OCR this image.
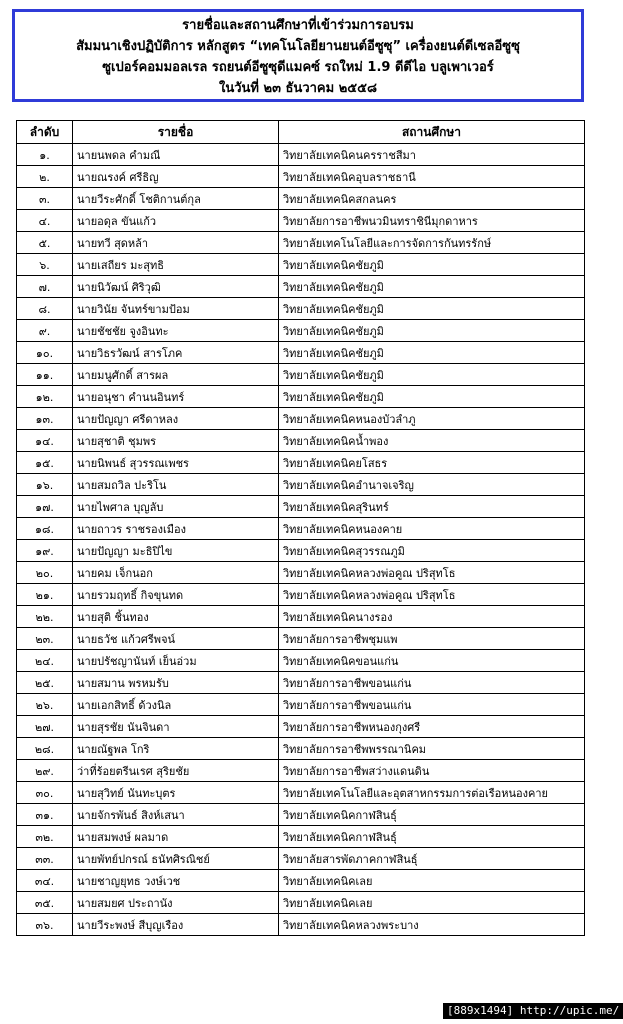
รายชื่อและสถานศึกษาที่เข้าร่วมการอบรม
สัมมนาเชิงปฏิบัติการ หลักสูตร “เทคโนโลยียานยนต์อีซูซุ” เครื่องยนต์ดีเซลอีซูซุ
ซูเปอร์คอมมอลเรล รถยนต์อีซูซุดีแมคซ์ รถใหม่ 1.9 ดีดีไอ บลูเพาเวอร์
ในวันที่ ๒๓ ธันวาคม ๒๕๕๘
ลำดับ	รายชื่อ	สถานศึกษา
๑.	นายนพดล คำมณี	วิทยาลัยเทคนิคนครราชสีมา
๒.	นายณรงค์ ศรีธิญ	วิทยาลัยเทคนิคอุบลราชธานี
๓.	นายวีระศักดิ์ โชติกานต์กุล	วิทยาลัยเทคนิคสกลนคร
๔.	นายอดุล ขันแก้ว	วิทยาลัยการอาชีพนวมินทราชินีมุกดาหาร
๕.	นายทวี สุดหล้า	วิทยาลัยเทคโนโลยีและการจัดการกันทรรักษ์
๖.	นายเสถียร มะสุทธิ	วิทยาลัยเทคนิคชัยภูมิ
๗.	นายนิวัฒน์ ศิริวุฒิ	วิทยาลัยเทคนิคชัยภูมิ
๘.	นายวินัย จันทร์ขามป้อม	วิทยาลัยเทคนิคชัยภูมิ
๙.	นายชัชชัย จูงอินทะ	วิทยาลัยเทคนิคชัยภูมิ
๑๐.	นายวิธรวัฒน์ สารโภค	วิทยาลัยเทคนิคชัยภูมิ
๑๑.	นายมนูศักดิ์ สารผล	วิทยาลัยเทคนิคชัยภูมิ
๑๒.	นายอนุชา คำนนอินทร์	วิทยาลัยเทคนิคชัยภูมิ
๑๓.	นายปัญญา ศรีดาหลง	วิทยาลัยเทคนิคหนองบัวลำภู
๑๔.	นายสุชาติ ชุมพร	วิทยาลัยเทคนิคน้ำพอง
๑๕.	นายนิพนธ์ สุวรรณเพชร	วิทยาลัยเทคนิคยโสธร
๑๖.	นายสมถวิล ปะริโน	วิทยาลัยเทคนิคอำนาจเจริญ
๑๗.	นายไพศาล บุญลับ	วิทยาลัยเทคนิคสุรินทร์
๑๘.	นายถาวร ราชรองเมือง	วิทยาลัยเทคนิคหนองคาย
๑๙.	นายปัญญา มะธิปิไข	วิทยาลัยเทคนิคสุวรรณภูมิ
๒๐.	นายคม เจ็กนอก	วิทยาลัยเทคนิคหลวงพ่อคูณ ปริสุทโธ
๒๑.	นายรวมฤทธิ์ กิจขุนทด	วิทยาลัยเทคนิคหลวงพ่อคูณ ปริสุทโธ
๒๒.	นายสุติ ชิ้นทอง	วิทยาลัยเทคนิคนางรอง
๒๓.	นายธวัช แก้วศรีพจน์	วิทยาลัยการอาชีพชุมแพ
๒๔.	นายปรัชญานันท์ เย็นอ่วม	วิทยาลัยเทคนิคขอนแก่น
๒๕.	นายสมาน พรหมรับ	วิทยาลัยการอาชีพขอนแก่น
๒๖.	นายเอกสิทธิ์ ด้วงนิล	วิทยาลัยการอาชีพขอนแก่น
๒๗.	นายสุรชัย นันจินดา	วิทยาลัยการอาชีพหนองกุงศรี
๒๘.	นายณัฐพล โกริ	วิทยาลัยการอาชีพพรรณานิคม
๒๙.	ว่าที่ร้อยตรีนเรศ สุริยชัย	วิทยาลัยการอาชีพสว่างแดนดิน
๓๐.	นายสุวิทย์ นันทะบุตร	วิทยาลัยเทคโนโลยีและอุตสาหกรรมการต่อเรือหนองคาย
๓๑.	นายจักรพันธ์ สิงห์เสนา	วิทยาลัยเทคนิคกาฬสินธุ์
๓๒.	นายสมพงษ์ ผลมาด	วิทยาลัยเทคนิคกาฬสินธุ์
๓๓.	นายพัทย์ปกรณ์ ธนัทศิรณิชย์	วิทยาลัยสารพัดภาคกาฬสินธุ์
๓๔.	นายชาญยุทธ วงษ์เวช	วิทยาลัยเทคนิคเลย
๓๕.	นายสมยศ ประถานัง	วิทยาลัยเทคนิคเลย
๓๖.	นายวีระพงษ์ สีบุญเรือง	วิทยาลัยเทคนิคหลวงพระบาง
[889x1494] http://upic.me/
